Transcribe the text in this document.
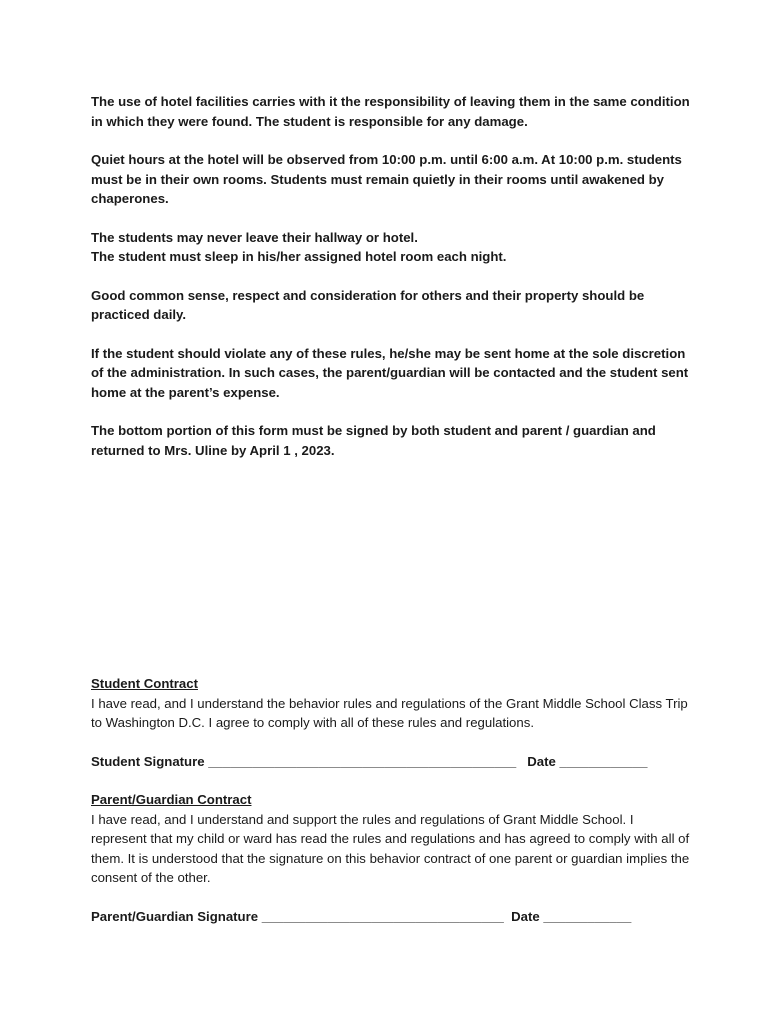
The use of hotel facilities carries with it the responsibility of leaving them in the same condition in which they were found. The student is responsible for any damage.

Quiet hours at the hotel will be observed from 10:00 p.m. until 6:00 a.m. At 10:00 p.m. students must be in their own rooms. Students must remain quietly in their rooms until awakened by chaperones.

The students may never leave their hallway or hotel.

The student must sleep in his/her assigned hotel room each night.

Good common sense, respect and consideration for others and their property should be practiced daily.

If the student should violate any of these rules, he/she may be sent home at the sole discretion of the administration. In such cases, the parent/guardian will be contacted and the student sent home at the parent’s expense.

The bottom portion of this form must be signed by both student and parent / guardian and returned to Mrs. Uline by April 1 , 2023.

Student Contract

I have read, and I understand the behavior rules and regulations of the Grant Middle School Class Trip to Washington D.C. I agree to comply with all of these rules and regulations.

Student Signature __________________________________________   Date ____________

Parent/Guardian Contract

I have read, and I understand and support the rules and regulations of Grant Middle School. I represent that my child or ward has read the rules and regulations and has agreed to comply with all of them. It is understood that the signature on this behavior contract of one parent or guardian implies the consent of the other.

Parent/Guardian Signature _________________________________  Date ____________
